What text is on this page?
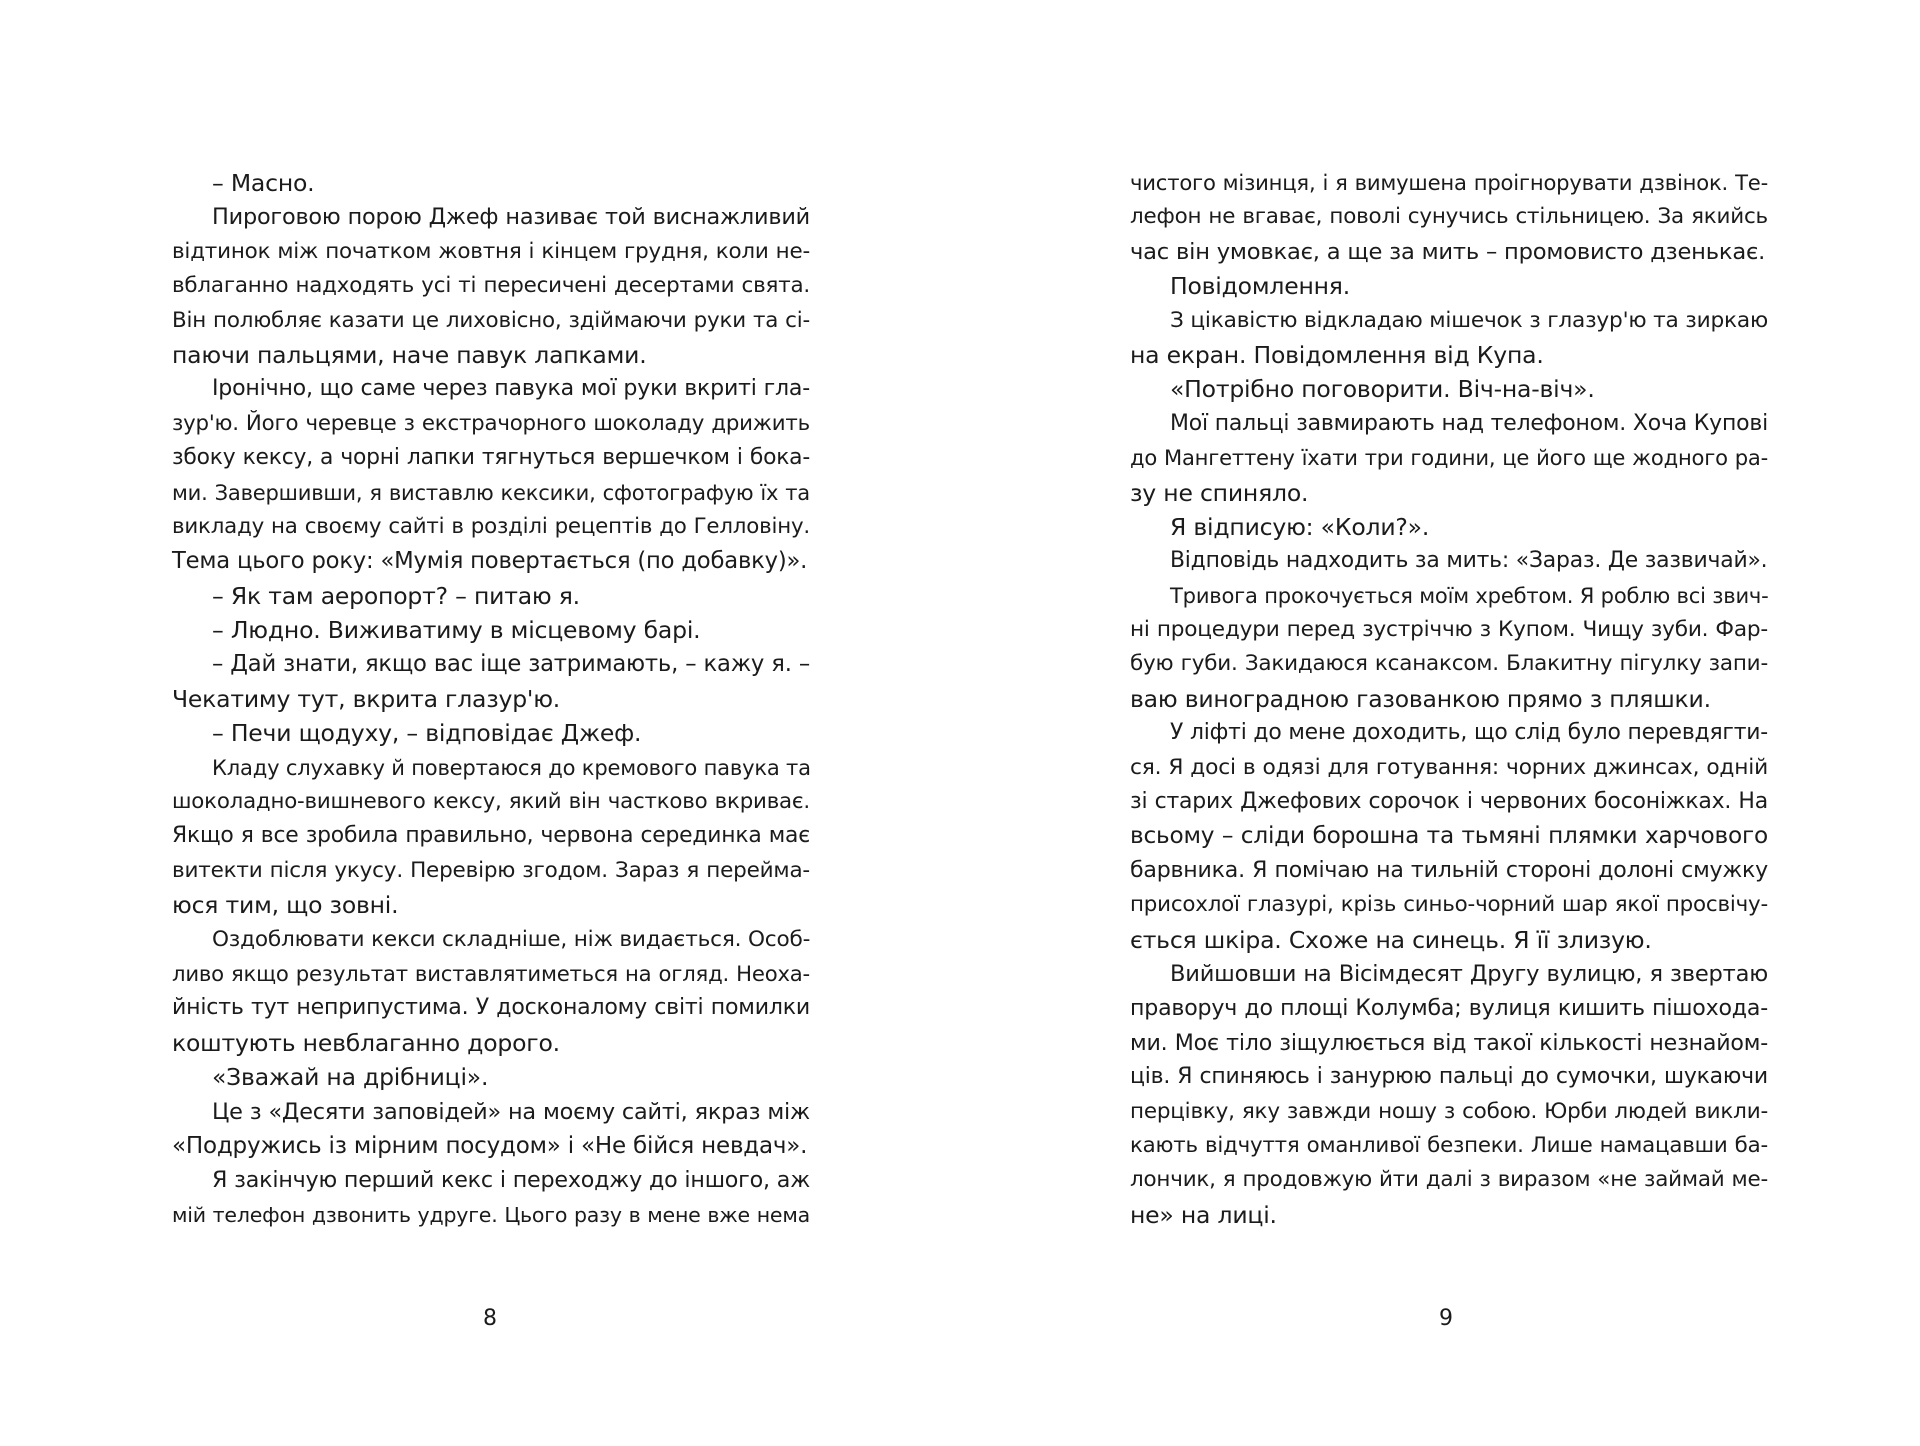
– Масно.
Пироговою порою Джеф називає той виснажливий
відтинок між початком жовтня і кінцем грудня, коли не-
вблаганно надходять усі ті пересичені десертами свята.
Він полюбляє казати це лиховісно, здіймаючи руки та сі-
паючи пальцями, наче павук лапками.
Іронічно, що саме через павука мої руки вкриті гла-
зур'ю. Його черевце з екстрачорного шоколаду дрижить
збоку кексу, а чорні лапки тягнуться вершечком і бока-
ми. Завершивши, я виставлю кексики, сфотографую їх та
викладу на своєму сайті в розділі рецептів до Гелловіну.
Тема цього року: «Мумія повертається (по добавку)».
– Як там аеропорт? – питаю я.
– Людно. Виживатиму в місцевому барі.
– Дай знати, якщо вас іще затримають, – кажу я. –
Чекатиму тут, вкрита глазур'ю.
– Печи щодуху, – відповідає Джеф.
Кладу слухавку й повертаюся до кремового павука та
шоколадно-вишневого кексу, який він частково вкриває.
Якщо я все зробила правильно, червона серединка має
витекти після укусу. Перевірю згодом. Зараз я перейма-
юся тим, що зовні.
Оздоблювати кекси складніше, ніж видається. Особ-
ливо якщо результат виставлятиметься на огляд. Неоха-
йність тут неприпустима. У досконалому світі помилки
коштують невблаганно дорого.
«Зважай на дрібниці».
Це з «Десяти заповідей» на моєму сайті, якраз між
«Подружись із мірним посудом» і «Не бійся невдач».
Я закінчую перший кекс і переходжу до іншого, аж
мій телефон дзвонить удруге. Цього разу в мене вже нема
8
чистого мізинця, і я вимушена проігнорувати дзвінок. Те-
лефон не вгаває, поволі сунучись стільницею. За якийсь
час він умовкає, а ще за мить – промовисто дзенькає.
Повідомлення.
З цікавістю відкладаю мішечок з глазур'ю та зиркаю
на екран. Повідомлення від Купа.
«Потрібно поговорити. Віч-на-віч».
Мої пальці завмирають над телефоном. Хоча Купові
до Мангеттену їхати три години, це його ще жодного ра-
зу не спиняло.
Я відписую: «Коли?».
Відповідь надходить за мить: «Зараз. Де зазвичай».
Тривога прокочується моїм хребтом. Я роблю всі звич-
ні процедури перед зустріччю з Купом. Чищу зуби. Фар-
бую губи. Закидаюся ксанаксом. Блакитну пігулку запи-
ваю виноградною газованкою прямо з пляшки.
У ліфті до мене доходить, що слід було перевдягти-
ся. Я досі в одязі для готування: чорних джинсах, одній
зі старих Джефових сорочок і червоних босоніжках. На
всьому – сліди борошна та тьмяні плямки харчового
барвника. Я помічаю на тильній стороні долоні смужку
присохлої глазурі, крізь синьо-чорний шар якої просвічу-
ється шкіра. Схоже на синець. Я її злизую.
Вийшовши на Вісімдесят Другу вулицю, я звертаю
праворуч до площі Колумба; вулиця кишить пішохода-
ми. Моє тіло зіщулюється від такої кількості незнайом-
ців. Я спиняюсь і занурюю пальці до сумочки, шукаючи
перцівку, яку завжди ношу з собою. Юрби людей викли-
кають відчуття оманливої безпеки. Лише намацавши ба-
лончик, я продовжую йти далі з виразом «не займай ме-
не» на лиці.
9
